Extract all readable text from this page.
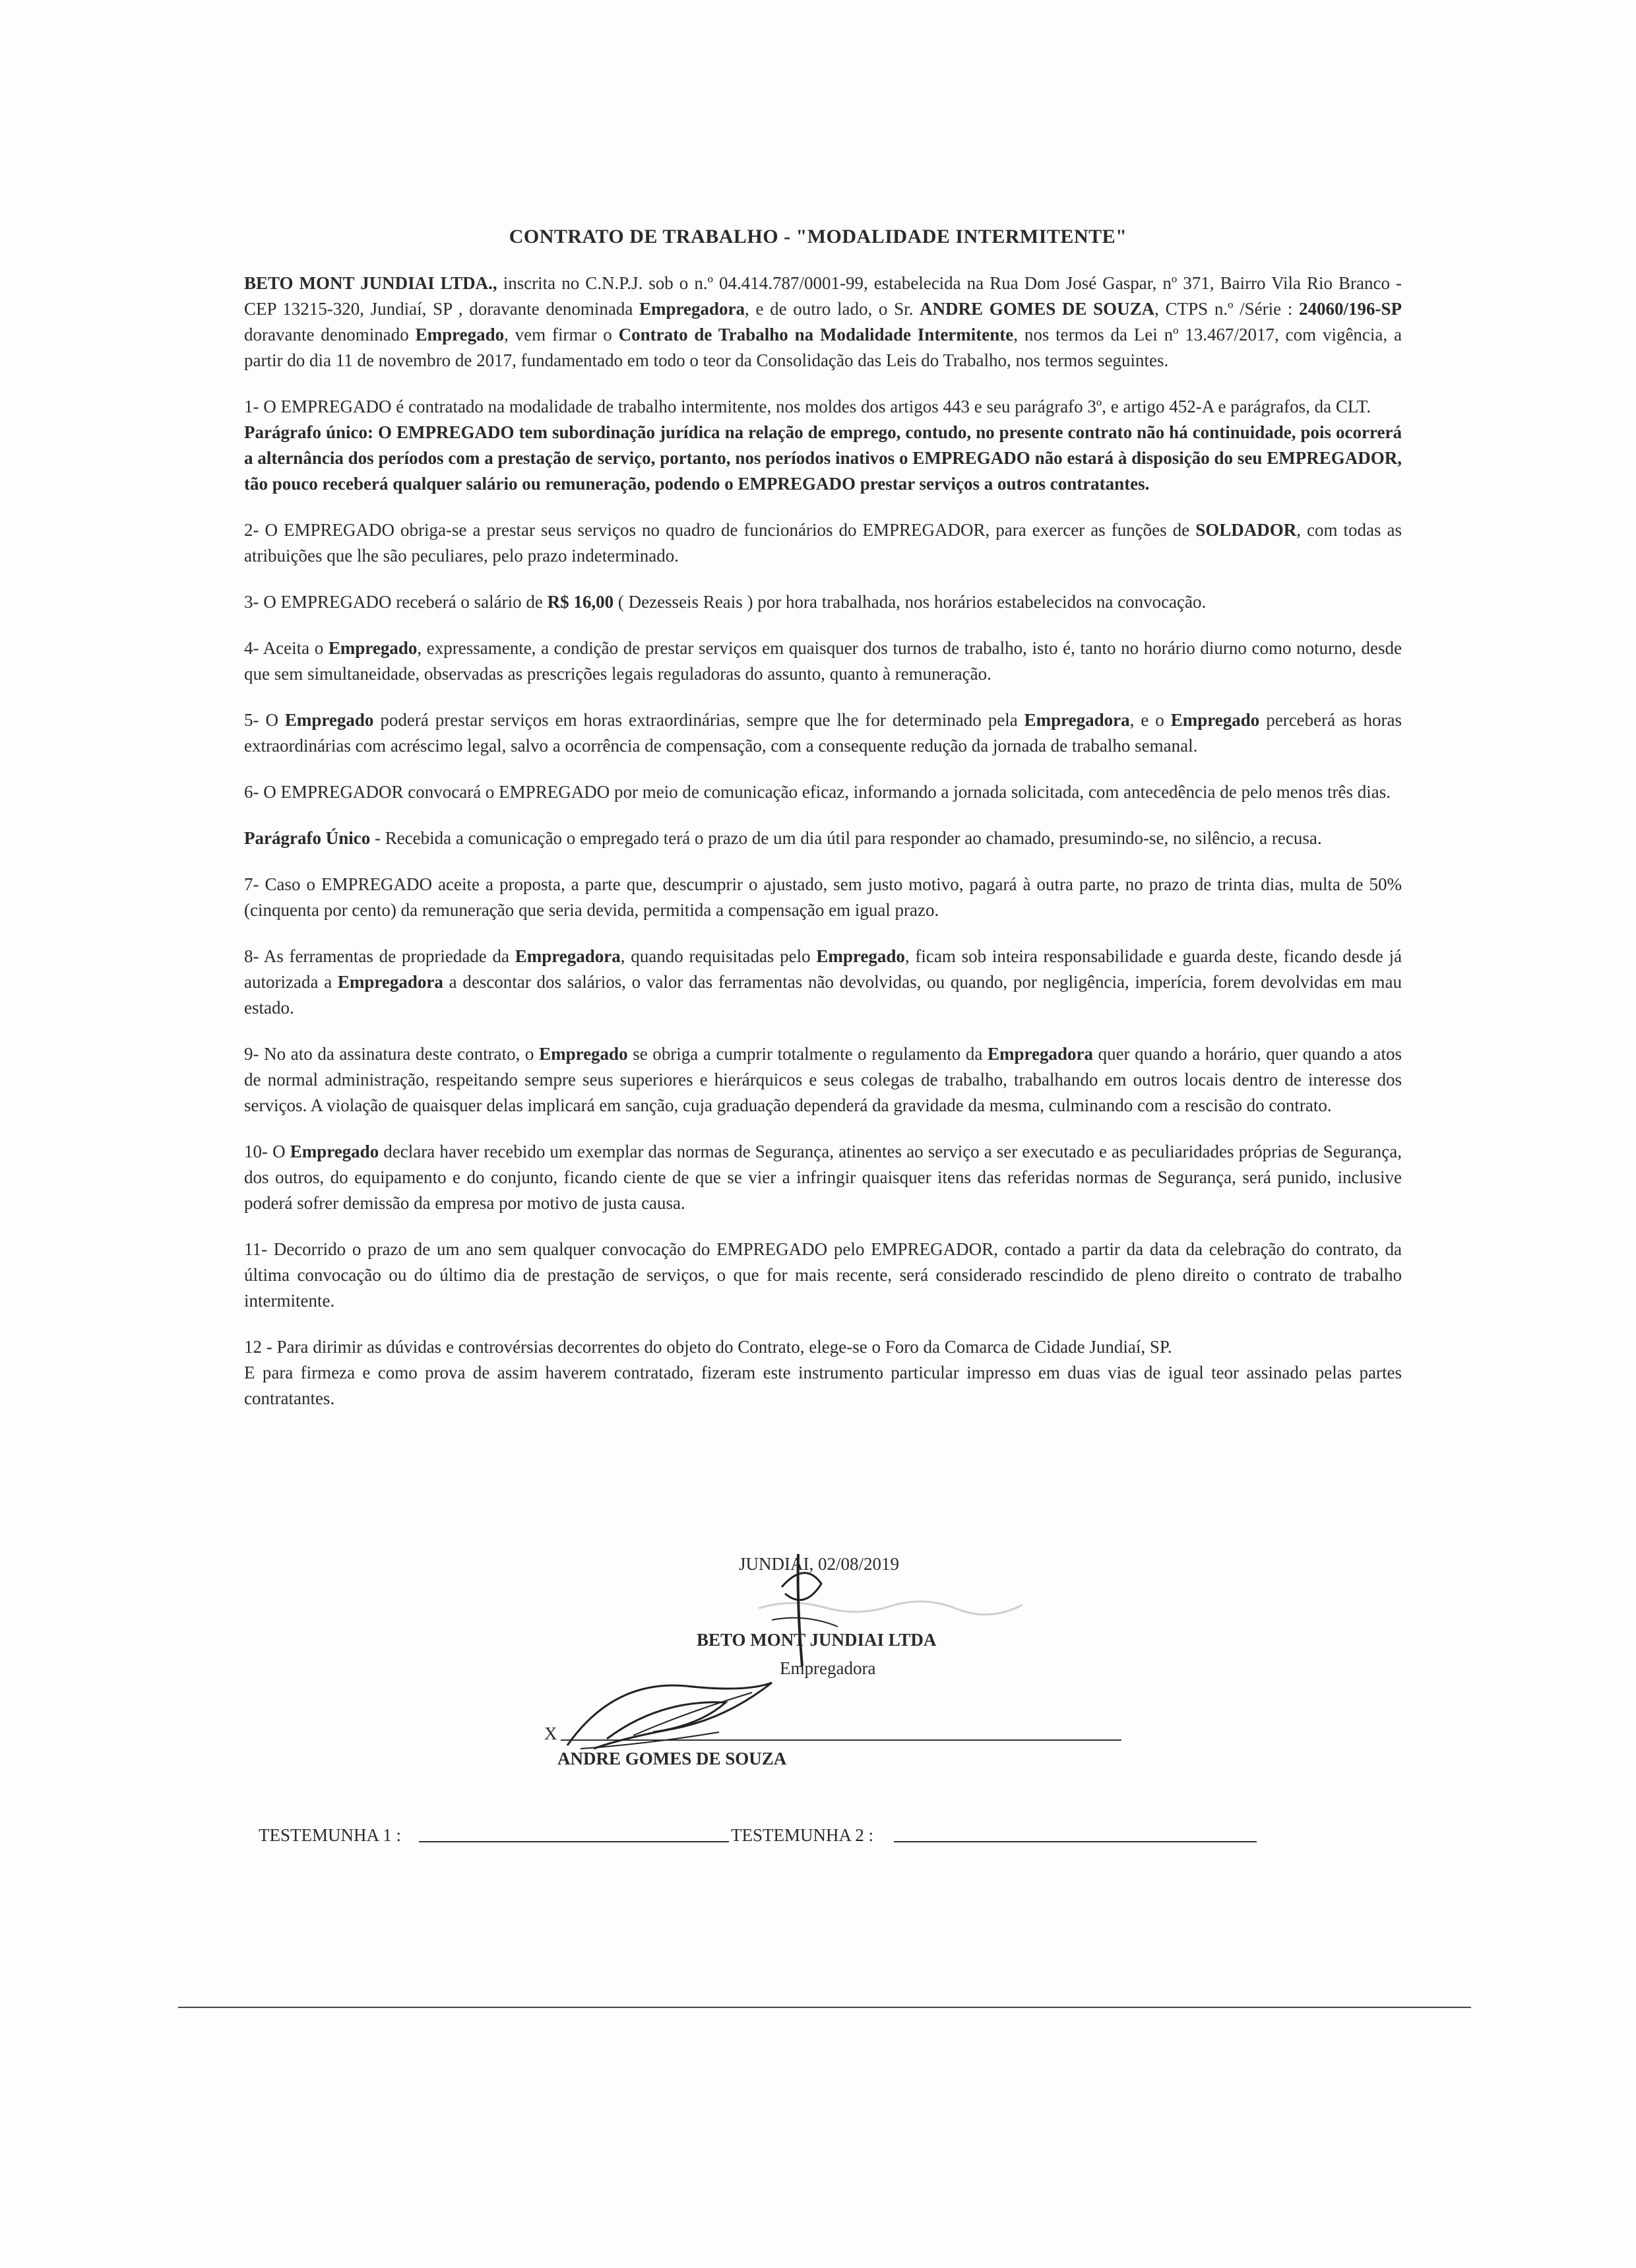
CONTRATO DE TRABALHO - "MODALIDADE INTERMITENTE"

BETO MONT JUNDIAI LTDA., inscrita no C.N.P.J. sob o n.º 04.414.787/0001-99, estabelecida na Rua Dom José Gaspar, nº 371, Bairro Vila Rio Branco - CEP 13215-320, Jundiaí, SP , doravante denominada Empregadora, e de outro lado, o Sr. ANDRE GOMES DE SOUZA, CTPS n.º /Série : 24060/196-SP doravante denominado Empregado, vem firmar o Contrato de Trabalho na Modalidade Intermitente, nos termos da Lei nº 13.467/2017, com vigência, a partir do dia 11 de novembro de 2017, fundamentado em todo o teor da Consolidação das Leis do Trabalho, nos termos seguintes.

1- O EMPREGADO é contratado na modalidade de trabalho intermitente, nos moldes dos artigos 443 e seu parágrafo 3º, e artigo 452-A e parágrafos, da CLT.

Parágrafo único: O EMPREGADO tem subordinação jurídica na relação de emprego, contudo, no presente contrato não há continuidade, pois ocorrerá a alternância dos períodos com a prestação de serviço, portanto, nos períodos inativos o EMPREGADO não estará à disposição do seu EMPREGADOR, tão pouco receberá qualquer salário ou remuneração, podendo o EMPREGADO prestar serviços a outros contratantes.

2- O EMPREGADO obriga-se a prestar seus serviços no quadro de funcionários do EMPREGADOR, para exercer as funções de SOLDADOR, com todas as atribuições que lhe são peculiares, pelo prazo indeterminado.

3- O EMPREGADO receberá o salário de R$ 16,00 ( Dezesseis Reais ) por hora trabalhada, nos horários estabelecidos na convocação.

4- Aceita o Empregado, expressamente, a condição de prestar serviços em quaisquer dos turnos de trabalho, isto é, tanto no horário diurno como noturno, desde que sem simultaneidade, observadas as prescrições legais reguladoras do assunto, quanto à remuneração.

5- O Empregado poderá prestar serviços em horas extraordinárias, sempre que lhe for determinado pela Empregadora, e o Empregado perceberá as horas extraordinárias com acréscimo legal, salvo a ocorrência de compensação, com a consequente redução da jornada de trabalho semanal.

6- O EMPREGADOR convocará o EMPREGADO por meio de comunicação eficaz, informando a jornada solicitada, com antecedência de pelo menos três dias.

Parágrafo Único - Recebida a comunicação o empregado terá o prazo de um dia útil para responder ao chamado, presumindo-se, no silêncio, a recusa.

7- Caso o EMPREGADO aceite a proposta, a parte que, descumprir o ajustado, sem justo motivo, pagará à outra parte, no prazo de trinta dias, multa de 50% (cinquenta por cento) da remuneração que seria devida, permitida a compensação em igual prazo.

8- As ferramentas de propriedade da Empregadora, quando requisitadas pelo Empregado, ficam sob inteira responsabilidade e guarda deste, ficando desde já autorizada a Empregadora a descontar dos salários, o valor das ferramentas não devolvidas, ou quando, por negligência, imperícia, forem devolvidas em mau estado.

9- No ato da assinatura deste contrato, o Empregado se obriga a cumprir totalmente o regulamento da Empregadora quer quando a horário, quer quando a atos de normal administração, respeitando sempre seus superiores e hierárquicos e seus colegas de trabalho, trabalhando em outros locais dentro de interesse dos serviços. A violação de quaisquer delas implicará em sanção, cuja graduação dependerá da gravidade da mesma, culminando com a rescisão do contrato.

10- O Empregado declara haver recebido um exemplar das normas de Segurança, atinentes ao serviço a ser executado e as peculiaridades próprias de Segurança, dos outros, do equipamento e do conjunto, ficando ciente de que se vier a infringir quaisquer itens das referidas normas de Segurança, será punido, inclusive poderá sofrer demissão da empresa por motivo de justa causa.

11- Decorrido o prazo de um ano sem qualquer convocação do EMPREGADO pelo EMPREGADOR, contado a partir da data da celebração do contrato, da última convocação ou do último dia de prestação de serviços, o que for mais recente, será considerado rescindido de pleno direito o contrato de trabalho intermitente.

12 - Para dirimir as dúvidas e controvérsias decorrentes do objeto do Contrato, elege-se o Foro da Comarca de Cidade Jundiaí, SP.

E para firmeza e como prova de assim haverem contratado, fizeram este instrumento particular impresso em duas vias de igual teor assinado pelas partes contratantes.

JUNDIAI, 02/08/2019
BETO MONT JUNDIAI LTDA
Empregadora
X
ANDRE GOMES DE SOUZA
TESTEMUNHA 1 :	TESTEMUNHA 2 :
